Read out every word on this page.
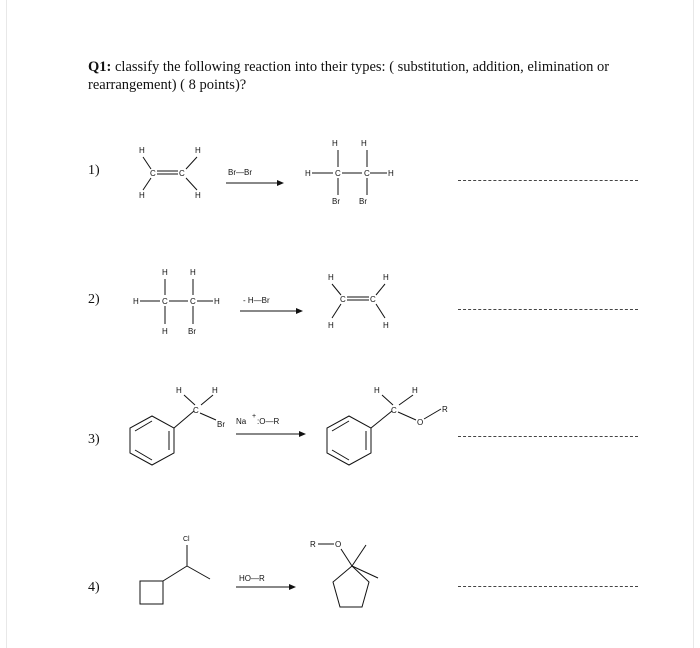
Q1: classify the following reaction into their types: ( substitution, addition, elimination or rearrangement) ( 8 points)?
1)
2)
3)
4)
H	H
C	C
H	H
Br—Br
H	H
H	C	C H
Br Br
H	H
H	C	C H
H	Br
- H—Br
H	H
C	C
H	H
H	H
C
Br Na
+
:O—R
H	H
C
O
R
Cl
HO—R
R O
